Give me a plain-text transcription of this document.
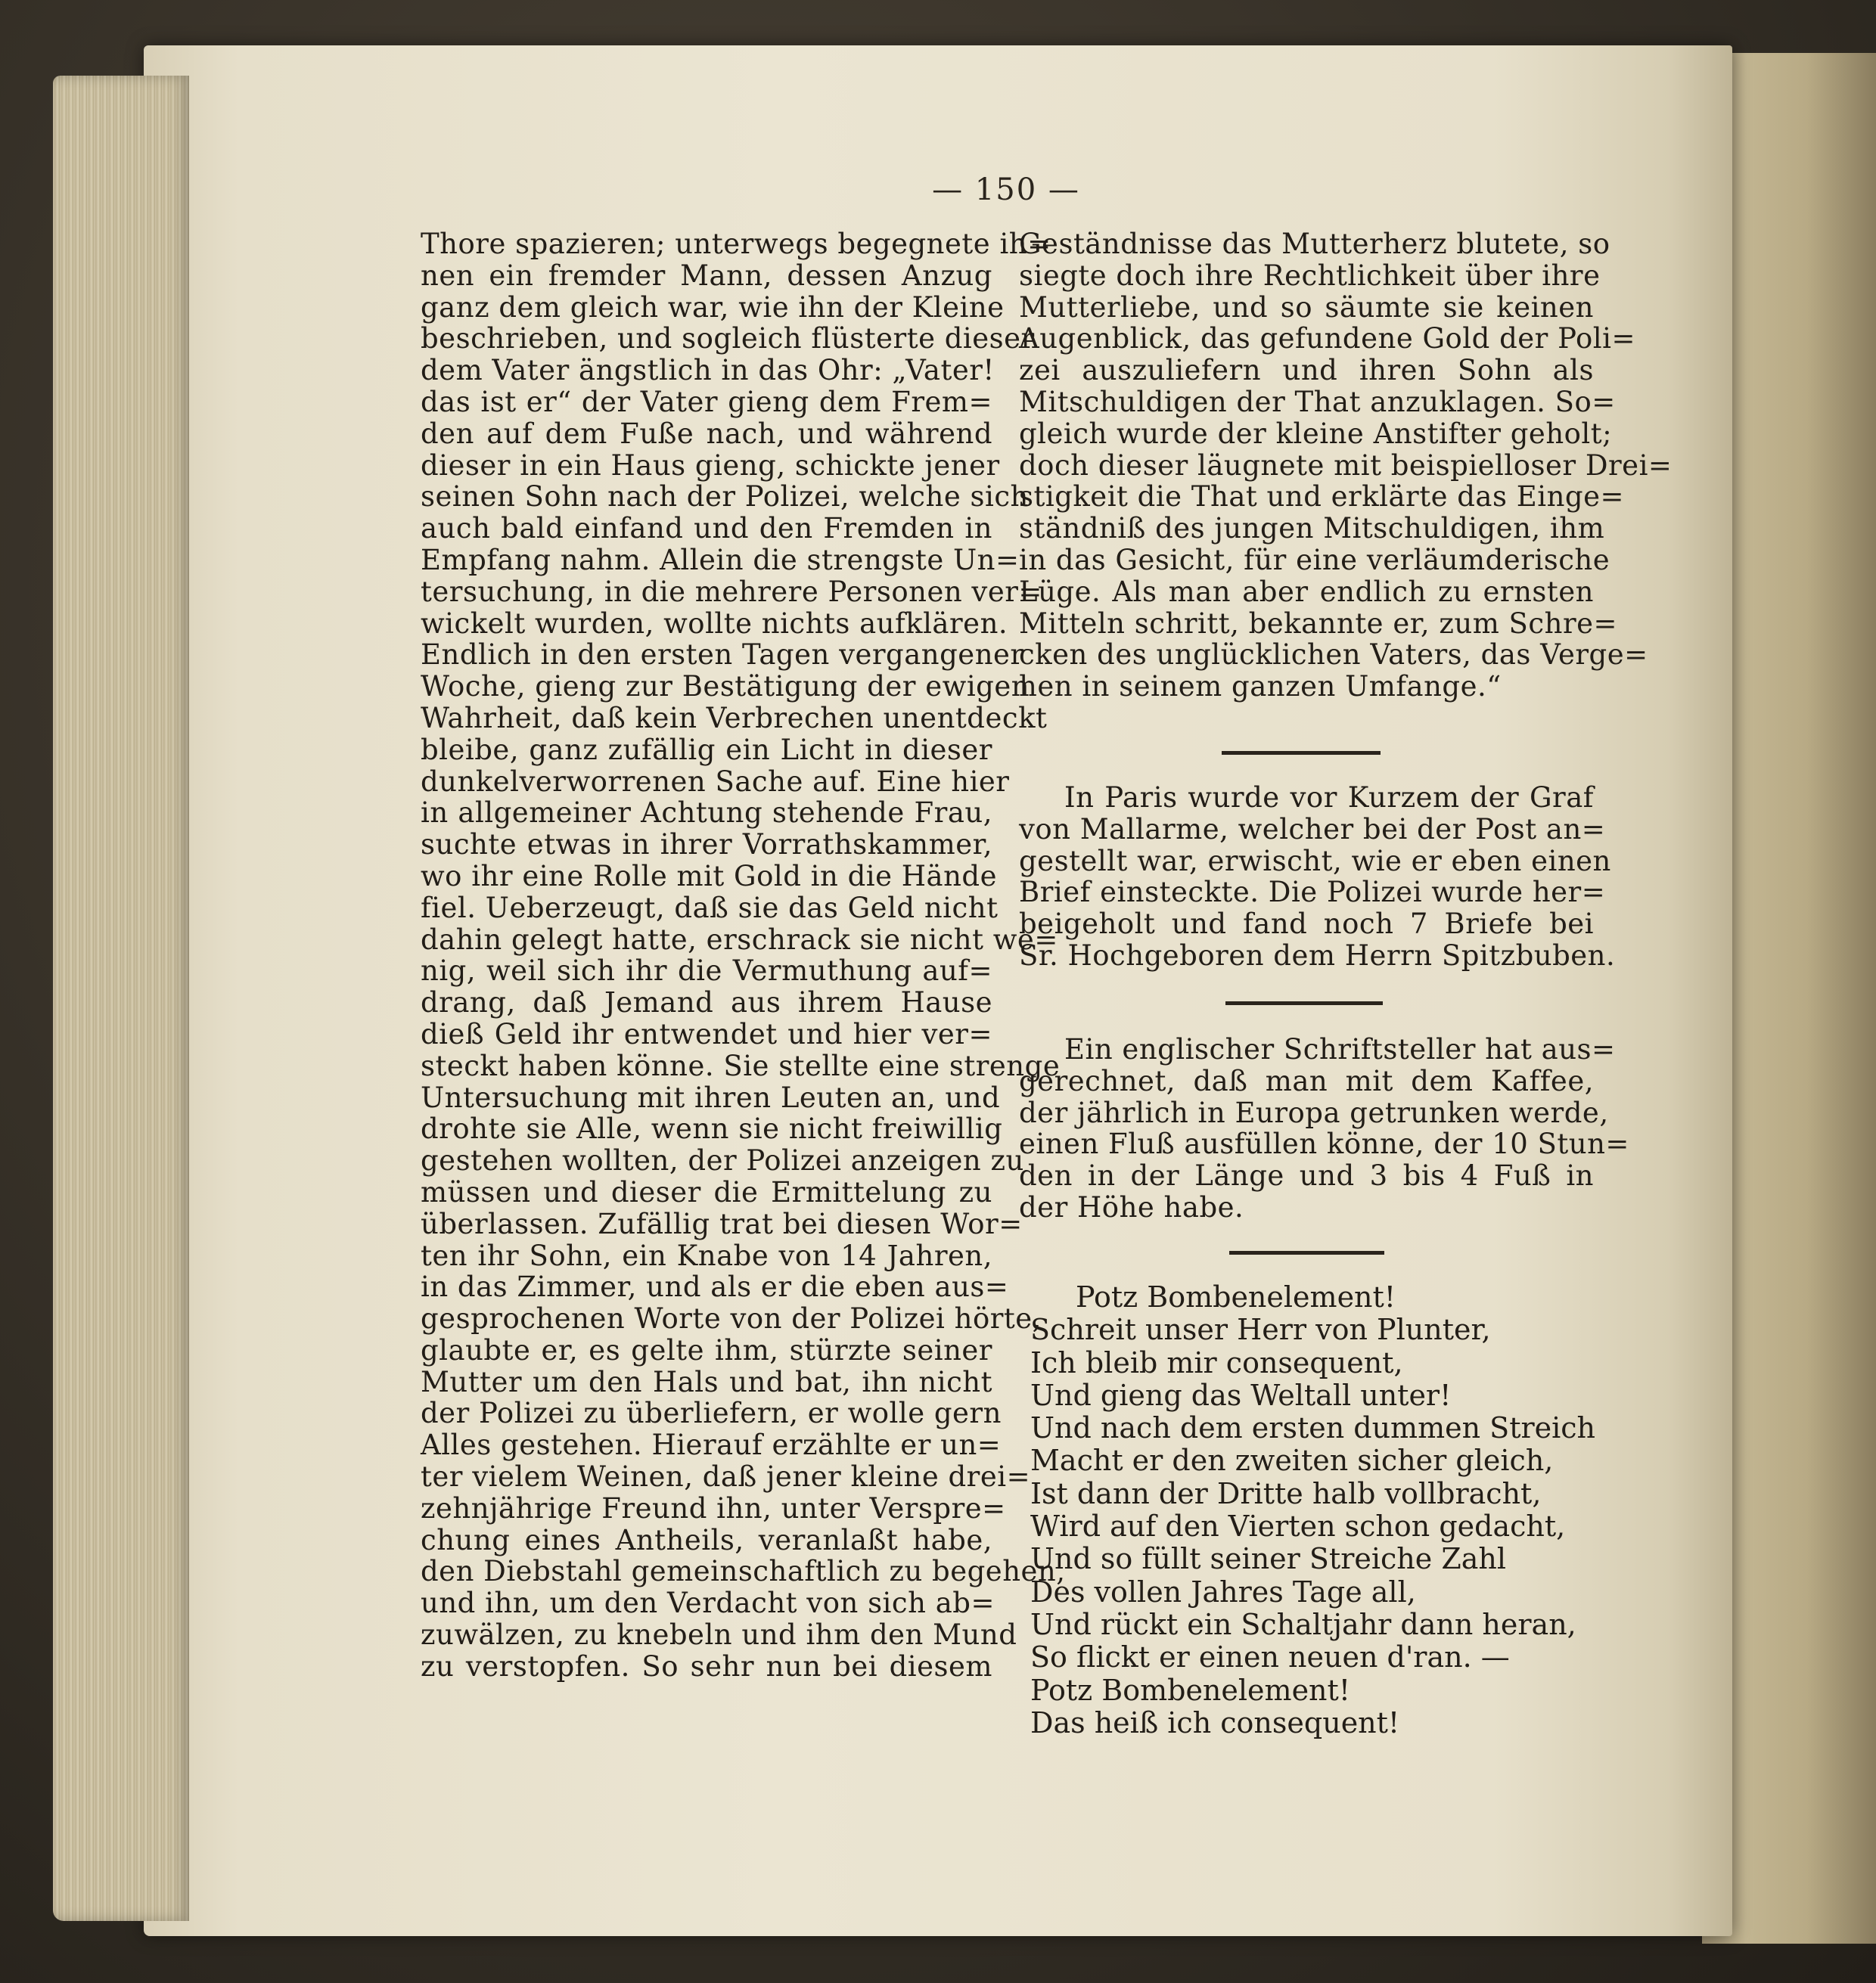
— 150 —
Thore spazieren; unterwegs begegnete ih=
nen ein fremder Mann, dessen Anzug
ganz dem gleich war, wie ihn der Kleine
beschrieben, und sogleich flüsterte dieser
dem Vater ängstlich in das Ohr: „Vater!
das ist er“ der Vater gieng dem Frem=
den auf dem Fuße nach, und während
dieser in ein Haus gieng, schickte jener
seinen Sohn nach der Polizei, welche sich
auch bald einfand und den Fremden in
Empfang nahm. Allein die strengste Un=
tersuchung, in die mehrere Personen ver=
wickelt wurden, wollte nichts aufklären.
Endlich in den ersten Tagen vergangener
Woche, gieng zur Bestätigung der ewigen
Wahrheit, daß kein Verbrechen unentdeckt
bleibe, ganz zufällig ein Licht in dieser
dunkelverworrenen Sache auf. Eine hier
in allgemeiner Achtung stehende Frau,
suchte etwas in ihrer Vorrathskammer,
wo ihr eine Rolle mit Gold in die Hände
fiel. Ueberzeugt, daß sie das Geld nicht
dahin gelegt hatte, erschrack sie nicht we=
nig, weil sich ihr die Vermuthung auf=
drang, daß Jemand aus ihrem Hause
dieß Geld ihr entwendet und hier ver=
steckt haben könne. Sie stellte eine strenge
Untersuchung mit ihren Leuten an, und
drohte sie Alle, wenn sie nicht freiwillig
gestehen wollten, der Polizei anzeigen zu
müssen und dieser die Ermittelung zu
überlassen. Zufällig trat bei diesen Wor=
ten ihr Sohn, ein Knabe von 14 Jahren,
in das Zimmer, und als er die eben aus=
gesprochenen Worte von der Polizei hörte,
glaubte er, es gelte ihm, stürzte seiner
Mutter um den Hals und bat, ihn nicht
der Polizei zu überliefern, er wolle gern
Alles gestehen. Hierauf erzählte er un=
ter vielem Weinen, daß jener kleine drei=
zehnjährige Freund ihn, unter Verspre=
chung eines Antheils, veranlaßt habe,
den Diebstahl gemeinschaftlich zu begehen,
und ihn, um den Verdacht von sich ab=
zuwälzen, zu knebeln und ihm den Mund
zu verstopfen. So sehr nun bei diesem
Geständnisse das Mutterherz blutete, so
siegte doch ihre Rechtlichkeit über ihre
Mutterliebe, und so säumte sie keinen
Augenblick, das gefundene Gold der Poli=
zei auszuliefern und ihren Sohn als
Mitschuldigen der That anzuklagen. So=
gleich wurde der kleine Anstifter geholt;
doch dieser läugnete mit beispielloser Drei=
stigkeit die That und erklärte das Einge=
ständniß des jungen Mitschuldigen, ihm
in das Gesicht, für eine verläumderische
Lüge. Als man aber endlich zu ernsten
Mitteln schritt, bekannte er, zum Schre=
cken des unglücklichen Vaters, das Verge=
hen in seinem ganzen Umfange.“
In Paris wurde vor Kurzem der Graf
von Mallarme, welcher bei der Post an=
gestellt war, erwischt, wie er eben einen
Brief einsteckte. Die Polizei wurde her=
beigeholt und fand noch 7 Briefe bei
Sr. Hochgeboren dem Herrn Spitzbuben.
Ein englischer Schriftsteller hat aus=
gerechnet, daß man mit dem Kaffee,
der jährlich in Europa getrunken werde,
einen Fluß ausfüllen könne, der 10 Stun=
den in der Länge und 3 bis 4 Fuß in
der Höhe habe.
Potz Bombenelement!
Schreit unser Herr von Plunter,
Ich bleib mir consequent,
Und gieng das Weltall unter!
Und nach dem ersten dummen Streich
Macht er den zweiten sicher gleich,
Ist dann der Dritte halb vollbracht,
Wird auf den Vierten schon gedacht,
Und so füllt seiner Streiche Zahl
Des vollen Jahres Tage all,
Und rückt ein Schaltjahr dann heran,
So flickt er einen neuen d'ran. —
Potz Bombenelement!
Das heiß ich consequent!
